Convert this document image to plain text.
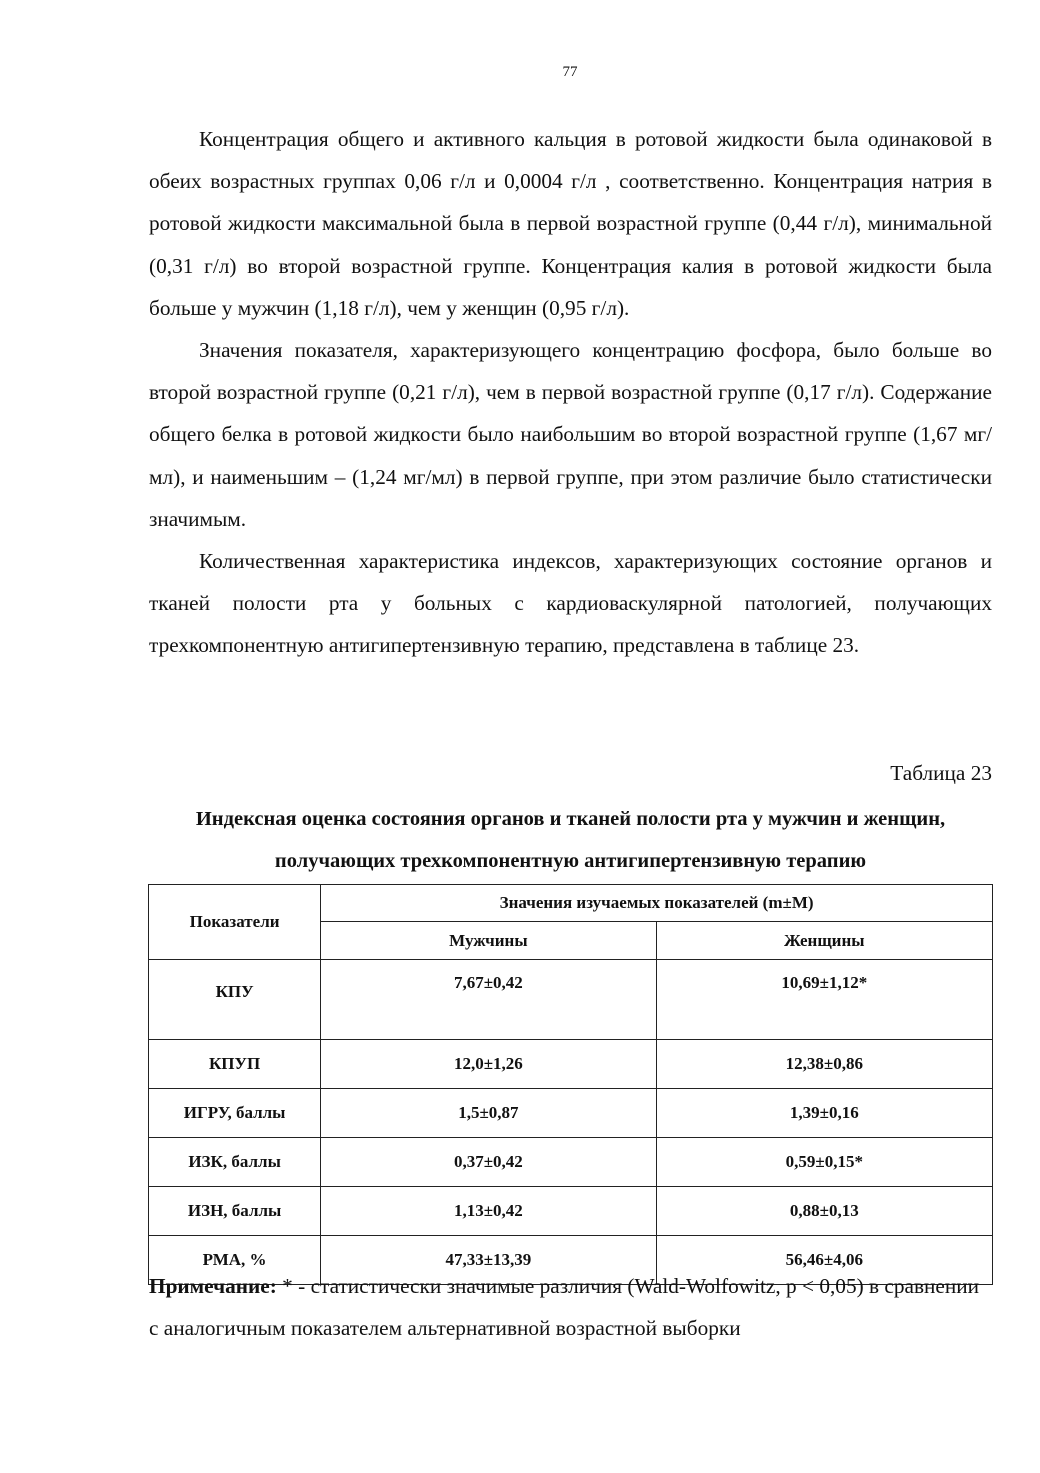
77

Концентрация общего и активного кальция в ротовой жидкости была одинаковой в обеих возрастных группах 0,06 г/л и 0,0004 г/л , соответственно. Концентрация натрия в ротовой жидкости максимальной была в первой возрастной группе (0,44 г/л), минимальной (0,31 г/л) во второй возрастной группе. Концентрация калия в ротовой жидкости была больше у мужчин (1,18 г/л), чем у женщин (0,95 г/л).

Значения показателя, характеризующего концентрацию фосфора, было больше во второй возрастной группе (0,21 г/л), чем в первой возрастной группе (0,17 г/л). Содержание общего белка в ротовой жидкости было наибольшим во второй возрастной группе (1,67 мг/мл), и наименьшим – (1,24 мг/мл) в первой группе, при этом различие было статистически значимым.

Количественная характеристика индексов, характеризующих состояние органов и тканей полости рта у больных с кардиоваскулярной патологией, получающих трехкомпонентную антигипертензивную терапию, представлена в таблице 23.

Таблица 23
Индексная оценка состояния органов и тканей полости рта у мужчин и женщин, получающих трехкомпонентную антигипертензивную терапию
Показатели	Значения изучаемых показателей (m±M)	
	Мужчины	Женщины
КПУ	7,67±0,42	10,69±1,12*
КПУП	12,0±1,26	12,38±0,86
ИГРУ, баллы	1,5±0,87	1,39±0,16
ИЗК, баллы	0,37±0,42	0,59±0,15*
ИЗН, баллы	1,13±0,42	0,88±0,13
РМА, %	47,33±13,39	56,46±4,06
Примечание: * - статистически значимые различия (Wald-Wolfowitz, p < 0,05) в сравнении с аналогичным показателем альтернативной возрастной выборки
